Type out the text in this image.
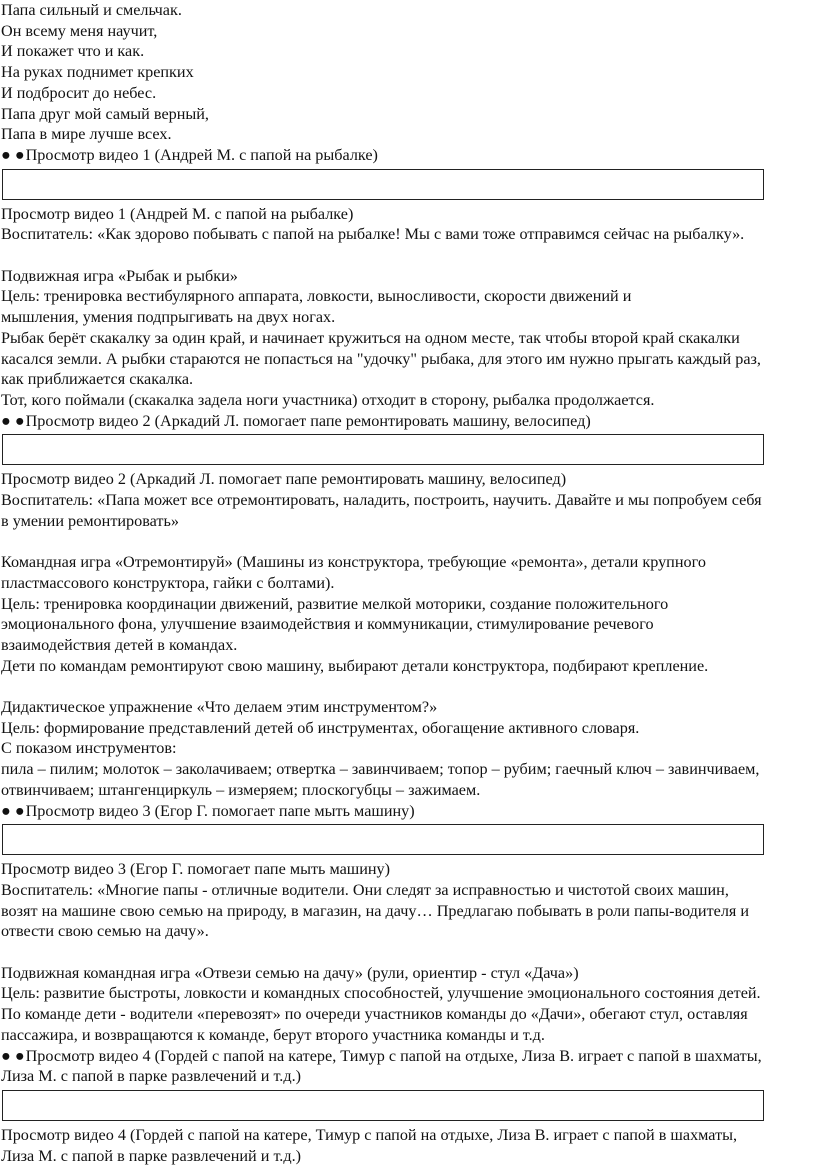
Папа сильный и смельчак.
Он всему меня научит,
И покажет что и как.
На руках поднимет крепких
И подбросит до небес.
Папа друг мой самый верный,
Папа в мире лучше всех.
● ●Просмотр видео 1 (Андрей М. с папой на рыбалке)
Просмотр видео 1 (Андрей М. с папой на рыбалке)
Воспитатель: «Как здорово побывать с папой на рыбалке! Мы с вами тоже отправимся сейчас на рыбалку».
Подвижная игра «Рыбак и рыбки»
Цель: тренировка вестибулярного аппарата, ловкости, выносливости, скорости движений и
мышления, умения подпрыгивать на двух ногах.
Рыбак берёт скакалку за один край, и начинает кружиться на одном месте, так чтобы второй край скакалки
касался земли. А рыбки стараются не попасться на "удочку" рыбака, для этого им нужно прыгать каждый раз,
как приближается скакалка.
Тот, кого поймали (скакалка задела ноги участника) отходит в сторону, рыбалка продолжается.
● ●Просмотр видео 2 (Аркадий Л. помогает папе ремонтировать машину, велосипед)
Просмотр видео 2 (Аркадий Л. помогает папе ремонтировать машину, велосипед)
Воспитатель: «Папа может все отремонтировать, наладить, построить, научить. Давайте и мы попробуем себя
в умении ремонтировать»
Командная игра «Отремонтируй» (Машины из конструктора, требующие «ремонта», детали крупного
пластмассового конструктора, гайки с болтами).
Цель: тренировка координации движений, развитие мелкой моторики, создание положительного
эмоционального фона, улучшение взаимодействия и коммуникации, стимулирование речевого
взаимодействия детей в командах.
Дети по командам ремонтируют свою машину, выбирают детали конструктора, подбирают крепление.
Дидактическое упражнение «Что делаем этим инструментом?»
Цель: формирование представлений детей об инструментах, обогащение активного словаря.
С показом инструментов:
пила – пилим; молоток – заколачиваем; отвертка – завинчиваем; топор – рубим; гаечный ключ – завинчиваем,
отвинчиваем; штангенциркуль – измеряем; плоскогубцы – зажимаем.
● ●Просмотр видео 3 (Егор Г. помогает папе мыть машину)
Просмотр видео 3 (Егор Г. помогает папе мыть машину)
Воспитатель: «Многие папы - отличные водители. Они следят за исправностью и чистотой своих машин,
возят на машине свою семью на природу, в магазин, на дачу… Предлагаю побывать в роли папы-водителя и
отвести свою семью на дачу».
Подвижная командная игра «Отвези семью на дачу» (рули, ориентир - стул «Дача»)
Цель: развитие быстроты, ловкости и командных способностей, улучшение эмоционального состояния детей.
По команде дети - водители «перевозят» по очереди участников команды до «Дачи», обегают стул, оставляя
пассажира, и возвращаются к команде, берут второго участника команды и т.д.
● ●Просмотр видео 4 (Гордей с папой на катере, Тимур с папой на отдыхе, Лиза В. играет с папой в шахматы,
Лиза М. с папой в парке развлечений и т.д.)
Просмотр видео 4 (Гордей с папой на катере, Тимур с папой на отдыхе, Лиза В. играет с папой в шахматы,
Лиза М. с папой в парке развлечений и т.д.)
